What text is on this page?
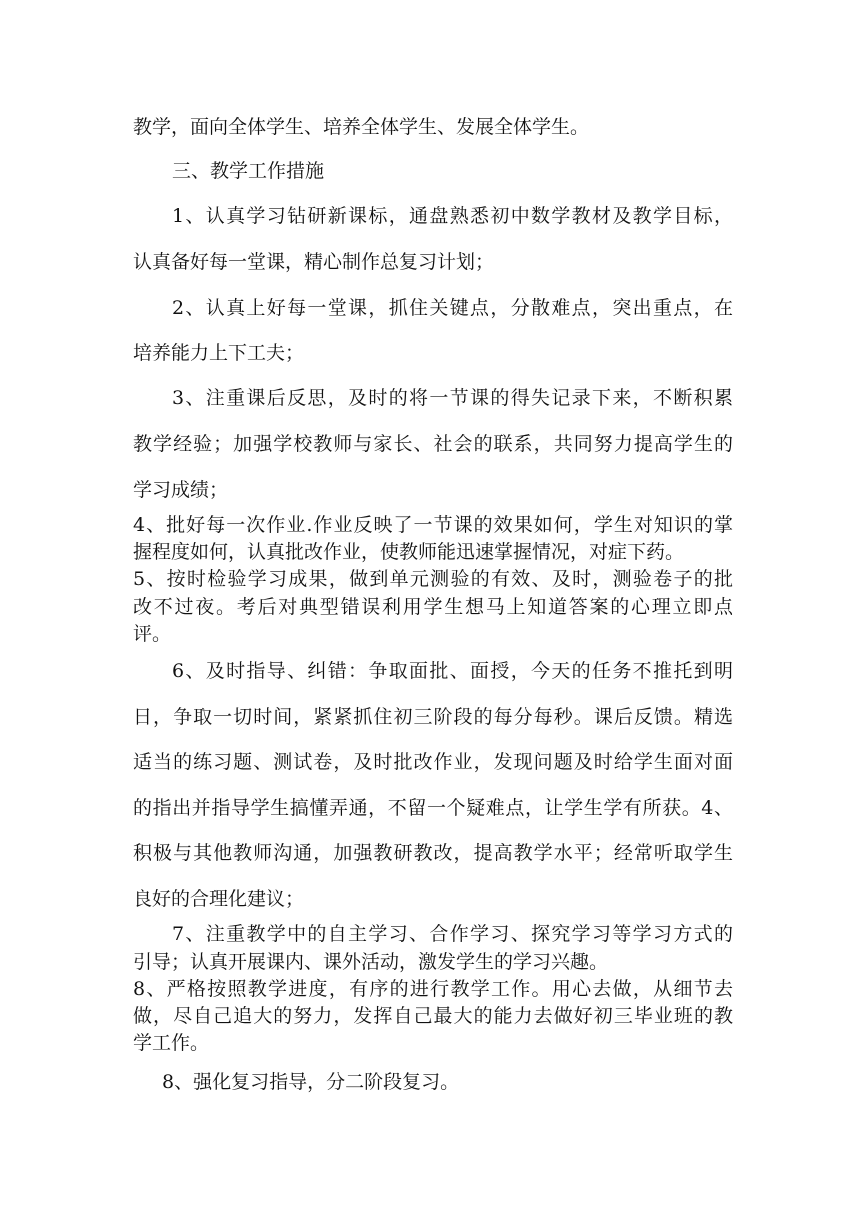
教学，面向全体学生、培养全体学生、发展全体学生。
三、教学工作措施
1、认真学习钻研新课标，通盘熟悉初中数学教材及教学目标，
认真备好每一堂课，精心制作总复习计划；
2、认真上好每一堂课，抓住关键点，分散难点，突出重点，在
培养能力上下工夫；
3、注重课后反思，及时的将一节课的得失记录下来，不断积累
教学经验；加强学校教师与家长、社会的联系，共同努力提高学生的
学习成绩；
4、批好每一次作业.作业反映了一节课的效果如何，学生对知识的掌
握程度如何，认真批改作业，使教师能迅速掌握情况，对症下药。
5、按时检验学习成果，做到单元测验的有效、及时，测验卷子的批
改不过夜。考后对典型错误利用学生想马上知道答案的心理立即点
评。
6、及时指导、纠错：争取面批、面授，今天的任务不推托到明
日，争取一切时间，紧紧抓住初三阶段的每分每秒。课后反馈。精选
适当的练习题、测试卷，及时批改作业，发现问题及时给学生面对面
的指出并指导学生搞懂弄通，不留一个疑难点，让学生学有所获。4、
积极与其他教师沟通，加强教研教改，提高教学水平；经常听取学生
良好的合理化建议；
7、注重教学中的自主学习、合作学习、探究学习等学习方式的
引导；认真开展课内、课外活动，激发学生的学习兴趣。
8、严格按照教学进度，有序的进行教学工作。用心去做，从细节去
做，尽自己追大的努力，发挥自己最大的能力去做好初三毕业班的教
学工作。
8、强化复习指导，分二阶段复习。
